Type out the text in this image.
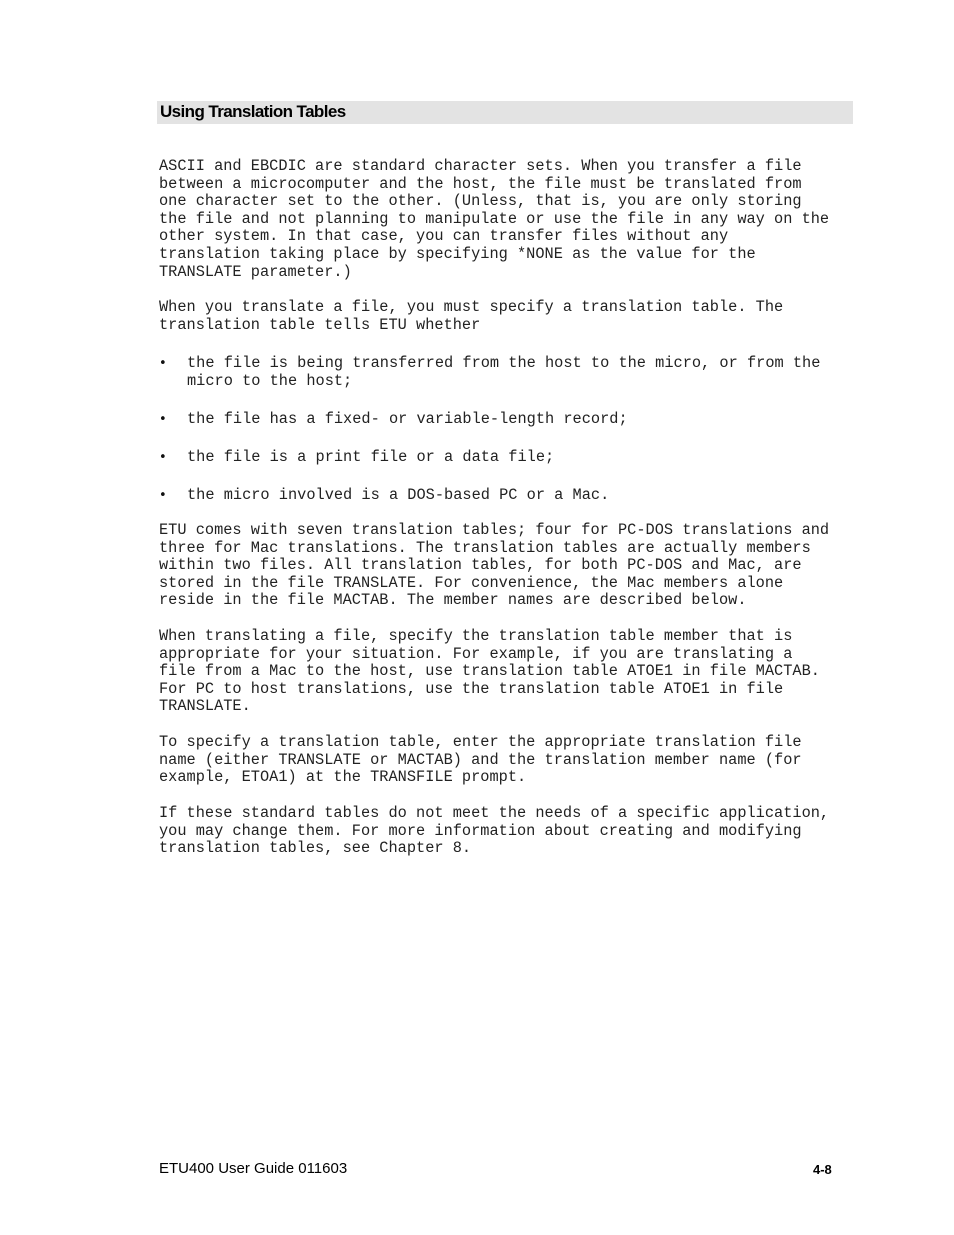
Using Translation Tables

ASCII and EBCDIC are standard character sets. When you transfer a file
between a microcomputer and the host, the file must be translated from
one character set to the other. (Unless, that is, you are only storing
the file and not planning to manipulate or use the file in any way on the
other system. In that case, you can transfer files without any
translation taking place by specifying *NONE as the value for the
TRANSLATE parameter.)

When you translate a file, you must specify a translation table. The
translation table tells ETU whether

• the file is being transferred from the host to the micro, or from the
micro to the host;

• the file has a fixed- or variable-length record;

• the file is a print file or a data file;

• the micro involved is a DOS-based PC or a Mac.

ETU comes with seven translation tables; four for PC-DOS translations and
three for Mac translations. The translation tables are actually members
within two files. All translation tables, for both PC-DOS and Mac, are
stored in the file TRANSLATE. For convenience, the Mac members alone
reside in the file MACTAB. The member names are described below.

When translating a file, specify the translation table member that is
appropriate for your situation. For example, if you are translating a
file from a Mac to the host, use translation table ATOE1 in file MACTAB.
For PC to host translations, use the translation table ATOE1 in file
TRANSLATE.

To specify a translation table, enter the appropriate translation file
name (either TRANSLATE or MACTAB) and the translation member name (for
example, ETOA1) at the TRANSFILE prompt.

If these standard tables do not meet the needs of a specific application,
you may change them. For more information about creating and modifying
translation tables, see Chapter 8.

ETU400 User Guide 011603	4-8
